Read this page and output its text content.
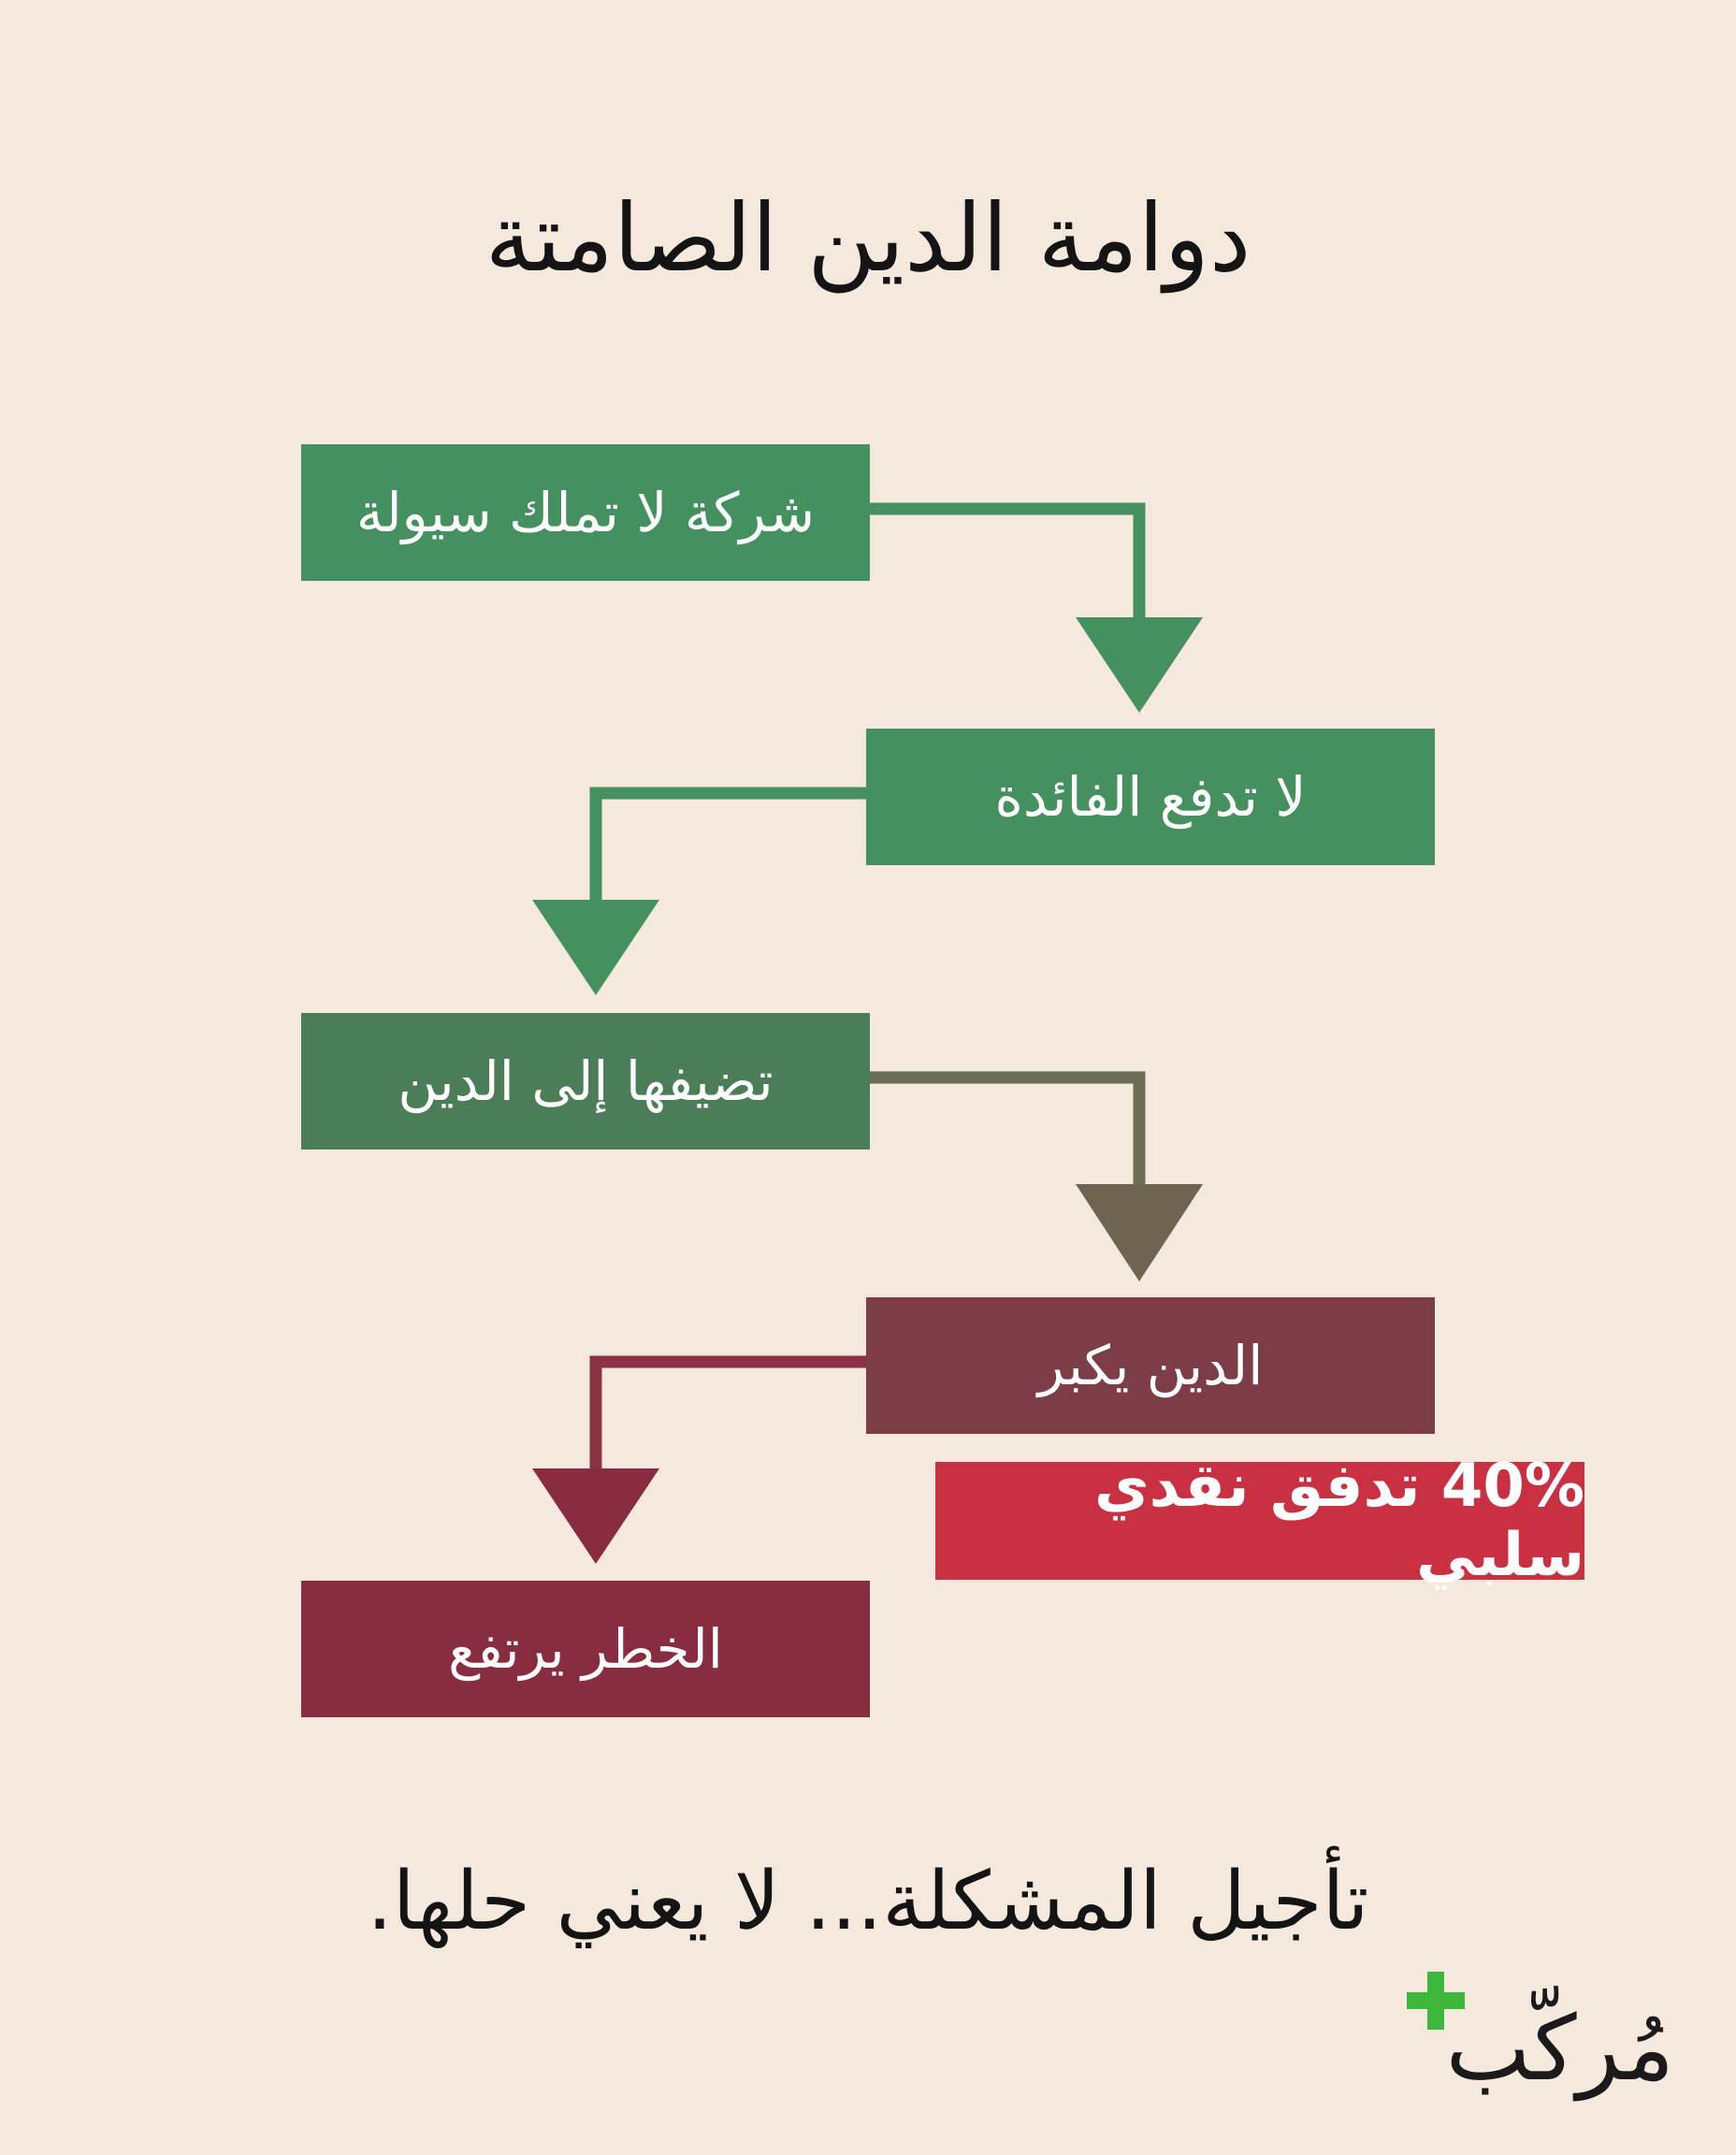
دوامة الدين الصامتة
شركة لا تملك سيولة
لا تدفع الفائدة
تضيفها إلى الدين
الدين يكبر
40% تدفق نقدي سلبي
الخطر يرتفع
تأجيل المشكلة... لا يعني حلها.
مُركّب
